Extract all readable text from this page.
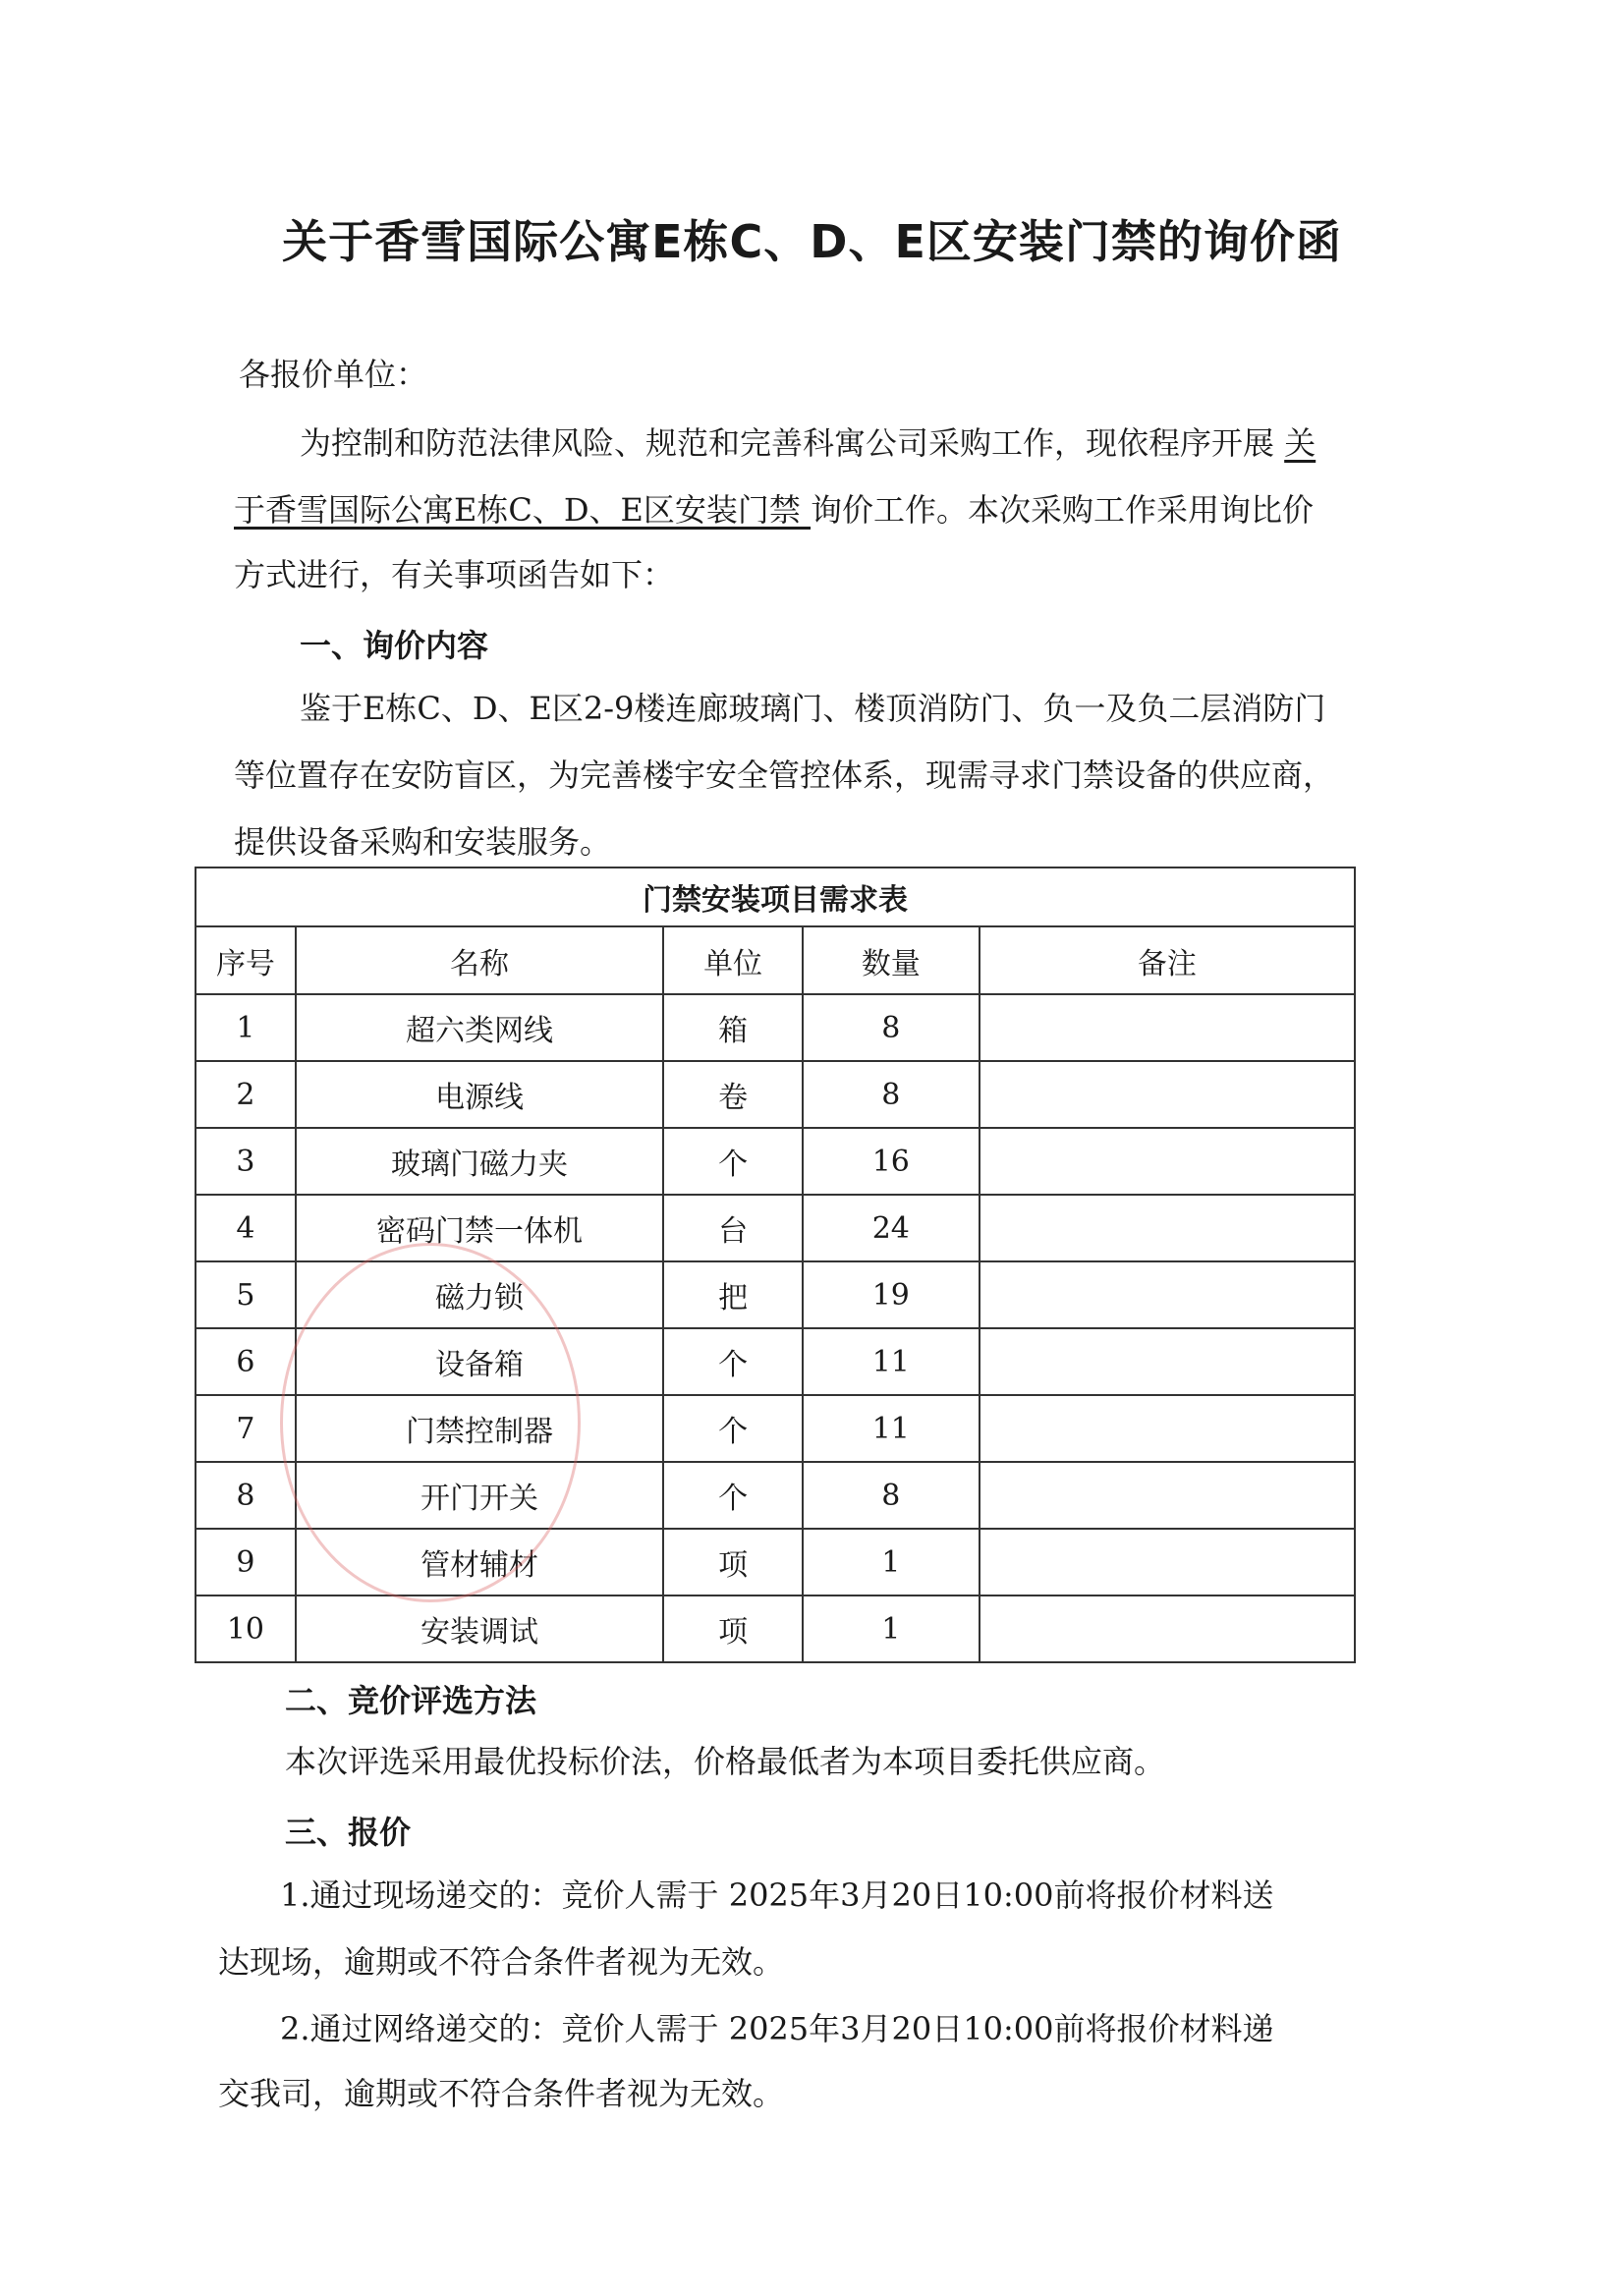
关于香雪国际公寓E栋C、D、E区安装门禁的询价函
各报价单位：
为控制和防范法律风险、规范和完善科寓公司采购工作，现依程序开展 关
于香雪国际公寓E栋C、D、E区安装门禁 询价工作。本次采购工作采用询比价
方式进行，有关事项函告如下：
一、询价内容
鉴于E栋C、D、E区2-9楼连廊玻璃门、楼顶消防门、负一及负二层消防门
等位置存在安防盲区，为完善楼宇安全管控体系，现需寻求门禁设备的供应商，
提供设备采购和安装服务。
门禁安装项目需求表				
序号	名称	单位	数量	备注
1	超六类网线	箱	8	
2	电源线	卷	8	
3	玻璃门磁力夹	个	16	
4	密码门禁一体机	台	24	
5	磁力锁	把	19	
6	设备箱	个	11	
7	门禁控制器	个	11	
8	开门开关	个	8	
9	管材辅材	项	1	
10	安装调试	项	1	
二、竞价评选方法
本次评选采用最优投标价法，价格最低者为本项目委托供应商。
三、报价
1.通过现场递交的：竞价人需于 2025年3月20日10:00前将报价材料送
达现场，逾期或不符合条件者视为无效。
2.通过网络递交的：竞价人需于 2025年3月20日10:00前将报价材料递
交我司，逾期或不符合条件者视为无效。
